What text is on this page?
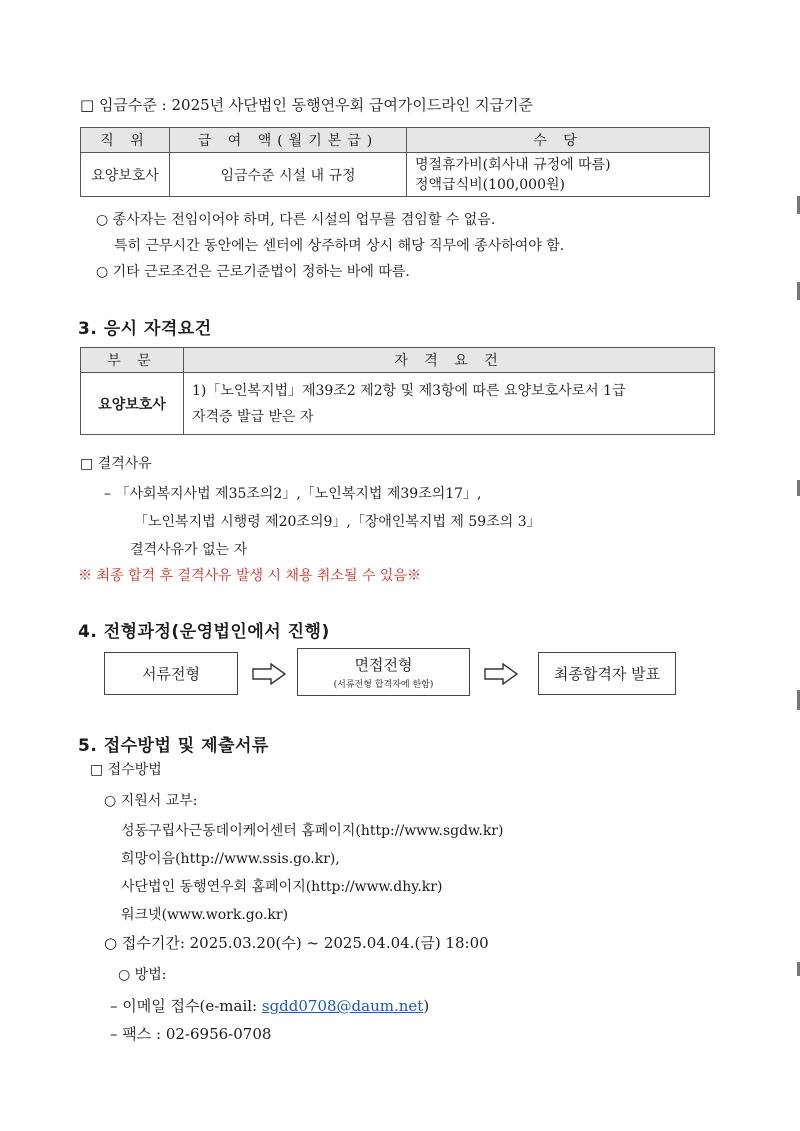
□ 임금수준 : 2025년 사단법인 동행연우회 급여가이드라인 지급기준
직 위	급 여 액(월기본급)	수 당
요양보호사	임금수준 시설 내 규정	명절휴가비(회사내 규정에 따름)
정액급식비(100,000원)
○ 종사자는 전임이어야 하며, 다른 시설의 업무를 겸임할 수 없음.
특히 근무시간 동안에는 센터에 상주하며 상시 해당 직무에 종사하여야 함.
○ 기타 근로조건은 근로기준법이 정하는 바에 따름.
3. 응시 자격요건
부 문	자 격 요 건
요양보호사	1)「노인복지법」제39조2 제2항 및 제3항에 따른 요양보호사로서 1급
자격증 발급 받은 자
□ 결격사유
– 「사회복지사법 제35조의2」,「노인복지법 제39조의17」,
「노인복지법 시행령 제20조의9」,「장애인복지법 제 59조의 3」
결격사유가 없는 자
※ 최종 합격 후 결격사유 발생 시 채용 취소될 수 있음※
4. 전형과정(운영법인에서 진행)
서류전형	면접전형
(서류전형 합격자에 한함)
최종합격자 발표
5. 접수방법 및 제출서류
□ 접수방법
○ 지원서 교부:
성동구립사근동데이케어센터 홈페이지(http://www.sgdw.kr)
희망이음(http://www.ssis.go.kr),
사단법인 동행연우회 홈페이지(http://www.dhy.kr)
워크넷(www.work.go.kr)
○ 접수기간: 2025.03.20(수) ~ 2025.04.04.(금) 18:00
○ 방법:
– 이메일 접수(e-mail: sgdd0708@daum.net)
– 팩스 : 02-6956-0708
